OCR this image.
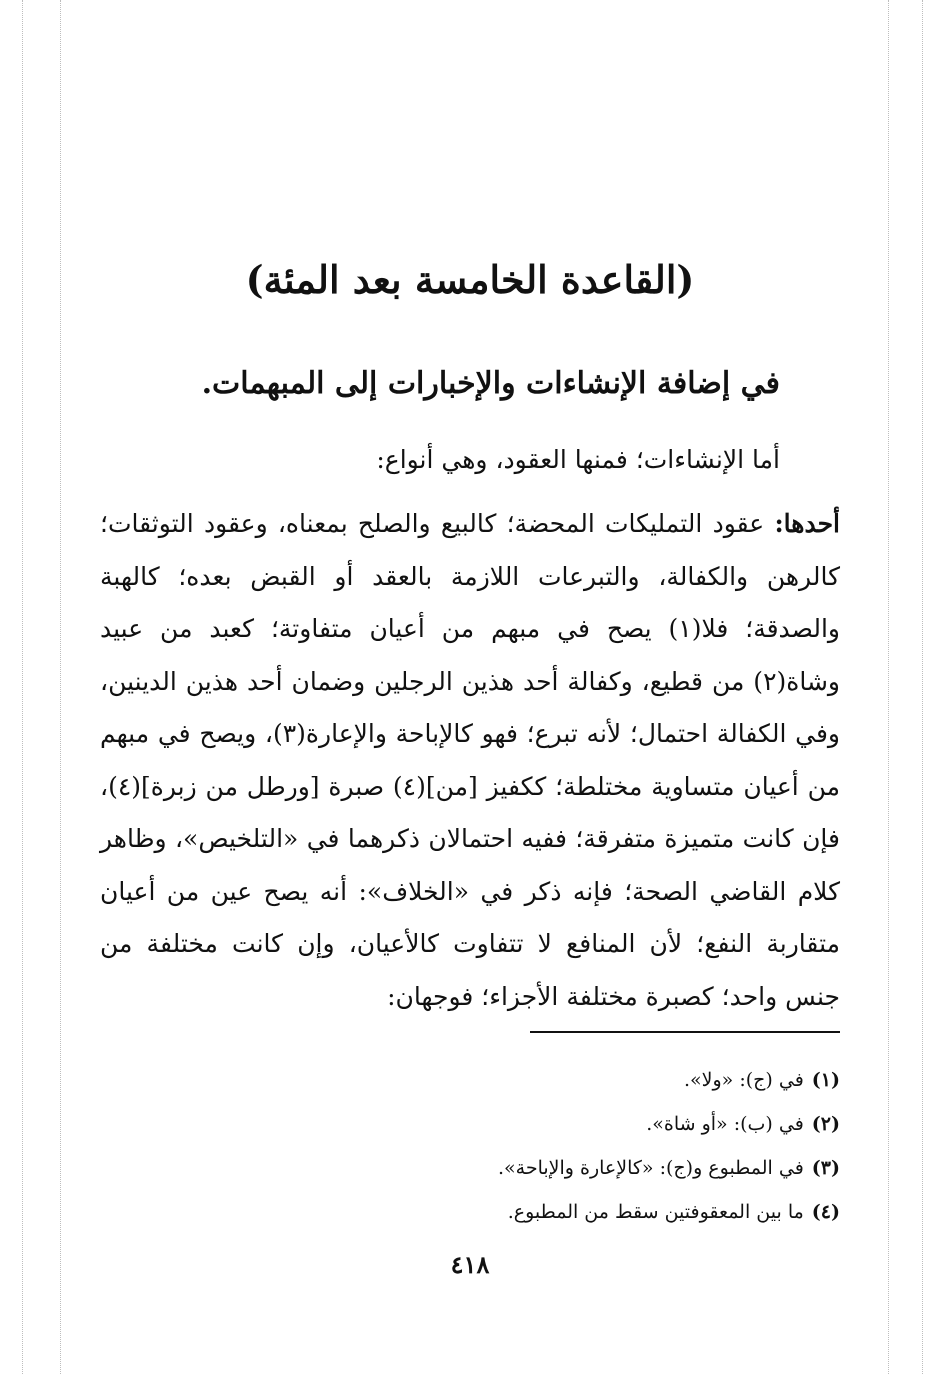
(القاعدة الخامسة بعد المئة)
في إضافة الإنشاءات والإخبارات إلى المبهمات.

أما الإنشاءات؛ فمنها العقود، وهي أنواع:

أحدها: عقود التمليكات المحضة؛ كالبيع والصلح بمعناه، وعقود التوثقات؛ كالرهن والكفالة، والتبرعات اللازمة بالعقد أو القبض بعده؛ كالهبة والصدقة؛ فلا(١) يصح في مبهم من أعيان متفاوتة؛ كعبد من عبيد وشاة(٢) من قطيع، وكفالة أحد هذين الرجلين وضمان أحد هذين الدينين، وفي الكفالة احتمال؛ لأنه تبرع؛ فهو كالإباحة والإعارة(٣)، ويصح في مبهم من أعيان متساوية مختلطة؛ ككفيز [من](٤) صبرة [ورطل من زبرة](٤)، فإن كانت متميزة متفرقة؛ ففيه احتمالان ذكرهما في «التلخيص»، وظاهر كلام القاضي الصحة؛ فإنه ذكر في «الخلاف»: أنه يصح عين من أعيان متقاربة النفع؛ لأن المنافع لا تتفاوت كالأعيان، وإن كانت مختلفة من جنس واحد؛ كصبرة مختلفة الأجزاء؛ فوجهان:

(١)في (ج): «ولا».
(٢)في (ب): «أو شاة».
(٣)في المطبوع و(ج): «كالإعارة والإباحة».
(٤)ما بين المعقوفتين سقط من المطبوع.

٤١٨
